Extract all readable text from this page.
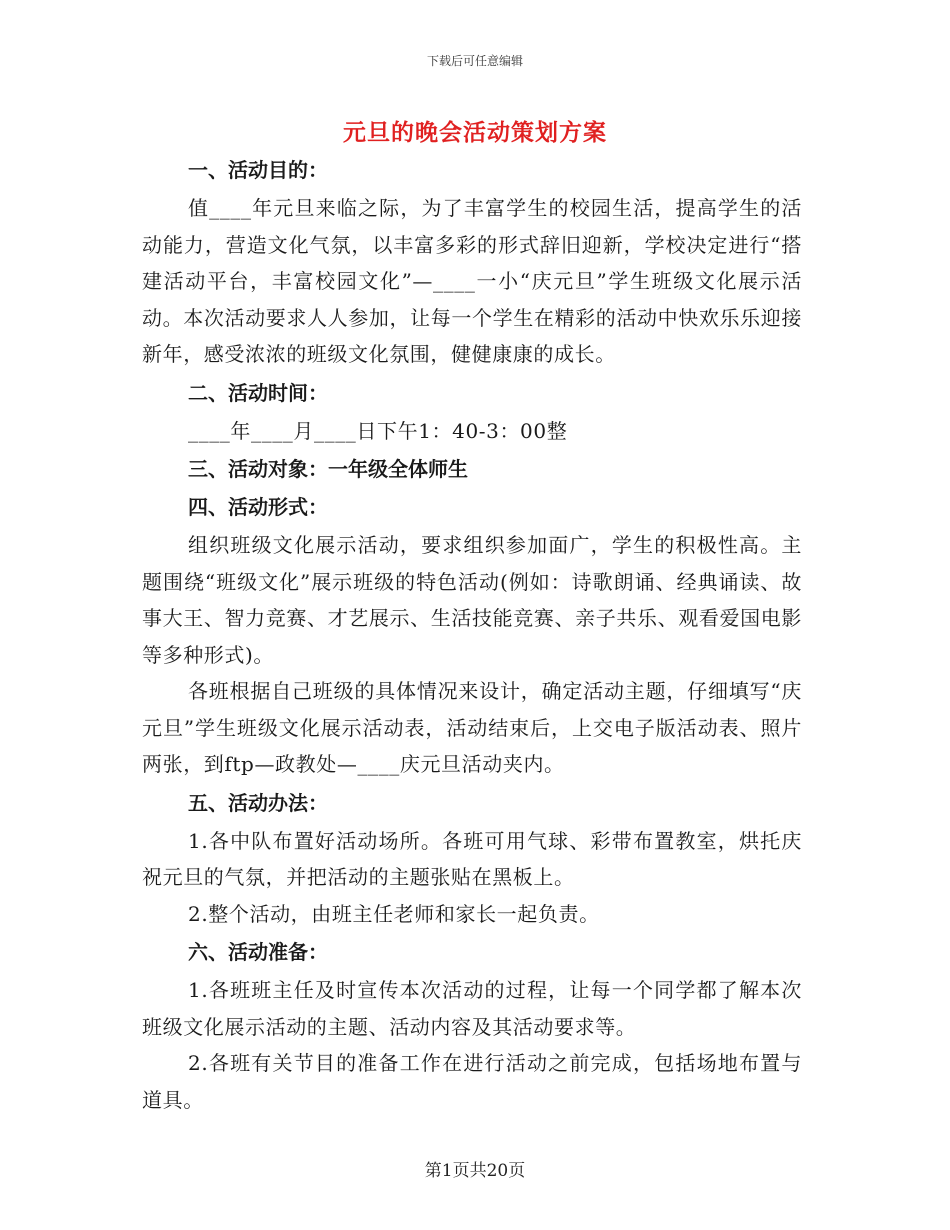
下载后可任意编辑
元旦的晚会活动策划方案
一、活动目的：

值____年元旦来临之际，为了丰富学生的校园生活，提高学生的活动能力，营造文化气氛，以丰富多彩的形式辞旧迎新，学校决定进行“搭建活动平台，丰富校园文化”—____一小“庆元旦”学生班级文化展示活动。本次活动要求人人参加，让每一个学生在精彩的活动中快欢乐乐迎接新年，感受浓浓的班级文化氛围，健健康康的成长。

二、活动时间：

____年____月____日下午1：40-3：00整

三、活动对象：一年级全体师生
四、活动形式：

组织班级文化展示活动，要求组织参加面广，学生的积极性高。主题围绕“班级文化”展示班级的特色活动(例如：诗歌朗诵、经典诵读、故事大王、智力竞赛、才艺展示、生活技能竞赛、亲子共乐、观看爱国电影等多种形式)。

各班根据自己班级的具体情况来设计，确定活动主题，仔细填写“庆元旦”学生班级文化展示活动表，活动结束后，上交电子版活动表、照片两张，到ftp—政教处—____庆元旦活动夹内。

五、活动办法：

1.各中队布置好活动场所。各班可用气球、彩带布置教室，烘托庆祝元旦的气氛，并把活动的主题张贴在黑板上。

2.整个活动，由班主任老师和家长一起负责。

六、活动准备：

1.各班班主任及时宣传本次活动的过程，让每一个同学都了解本次班级文化展示活动的主题、活动内容及其活动要求等。

2.各班有关节目的准备工作在进行活动之前完成，包括场地布置与道具。

第1页共20页
